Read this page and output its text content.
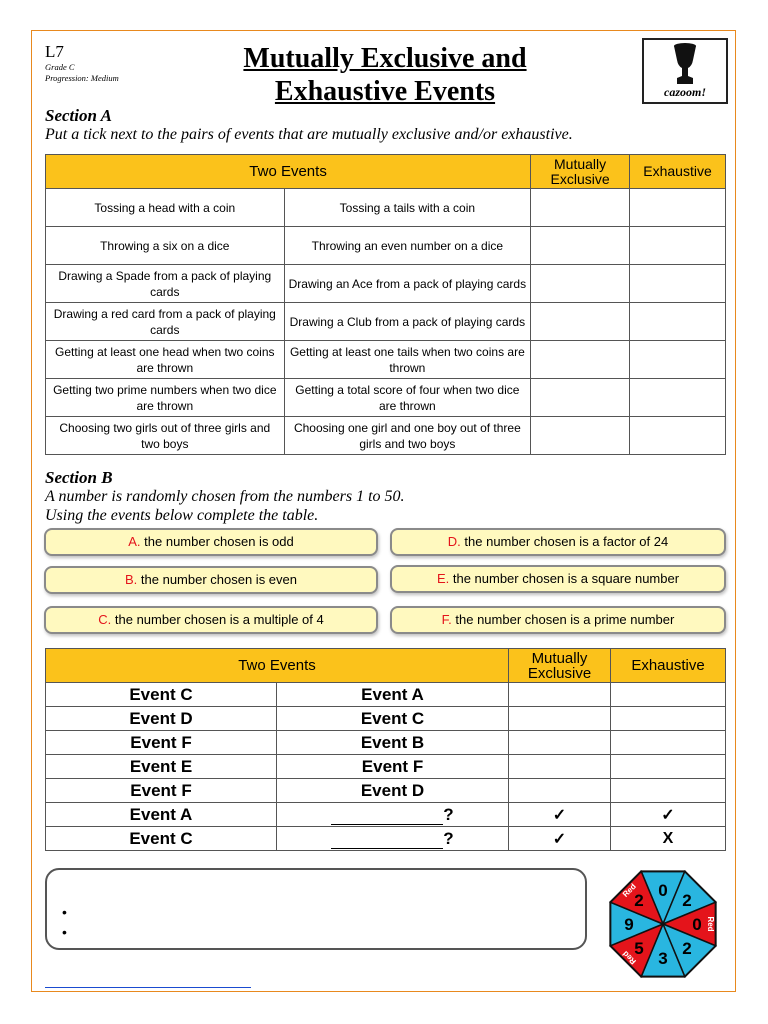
L7
Grade C
Progression: Medium
Mutually Exclusive and
Exhaustive Events	cazoom!
Section A
Put a tick next to the pairs of events that are mutually exclusive and/or exhaustive.
Two Events		Mutually Exclusive	Exhaustive
Tossing a head with a coin	Tossing a tails with a coin		
Throwing a six on a dice	Throwing an even number on a dice		
Drawing a Spade from a pack of playing cards	Drawing an Ace from a pack of playing cards		
Drawing a red card from a pack of playing cards	Drawing a Club from a pack of playing cards		
Getting at least one head when two coins are thrown	Getting at least one tails when two coins are thrown		
Getting two prime numbers when two dice are thrown	Getting a total score of four when two dice are thrown		
Choosing two girls out of three girls and two boys	Choosing one girl and one boy out of three girls and two boys		
Section B
A number is randomly chosen from the numbers 1 to 50.
Using the events below complete the table.
A. the number chosen is odd
B. the number chosen is even
C. the number chosen is a multiple of 4
D. the number chosen is a factor of 24
E. the number chosen is a square number
F. the number chosen is a prime number
Two Events		Mutually Exclusive	Exhaustive
Event C	Event A		
Event D	Event C		
Event F	Event B		
Event E	Event F		
Event F	Event D		
Event A	?	✓	✓
Event C	?	✓	X
•
•
0
2
0 Red
2
3
5
Red
9
2
Red
